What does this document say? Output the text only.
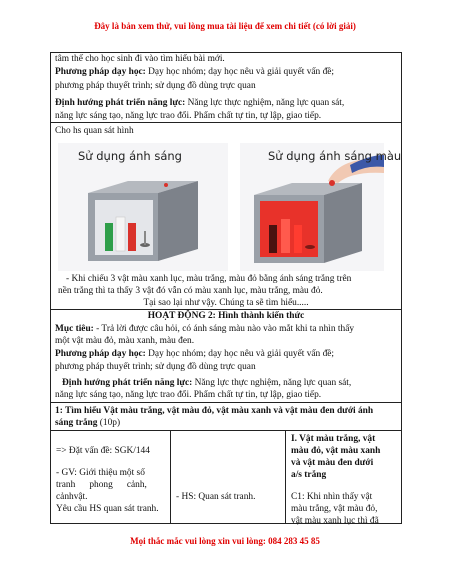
Đây là bản xem thử, vui lòng mua tài liệu để xem chi tiết (có lời giải)
tâm thế cho học sinh đi vào tìm hiểu bài mới.
Phương pháp dạy học: Dạy học nhóm; dạy học nêu và giải quyết vấn đề;
phương pháp thuyết trình; sử dụng đồ dùng trực quan
Định hướng phát triển năng lực: Năng lực thực nghiệm, năng lực quan sát,
năng lực sáng tạo, năng lực trao đổi. Phẩm chất tự tin, tự lập, giao tiếp.
Cho hs quan sát hình
Sử dụng ánh sáng	Sử dụng ánh sáng màu
- Khi chiếu 3 vật màu xanh lục, màu trắng, màu đỏ bằng ánh sáng trắng trên
nền trắng thì ta thấy 3 vật đó vẫn có màu xanh lục, màu trắng, màu đỏ.
Tại sao lại như vậy. Chúng ta sẽ tìm hiểu.....
HOẠT ĐỘNG 2: Hình thành kiến thức
Mục tiêu: - Trả lời được câu hỏi, có ánh sáng màu nào vào mắt khi ta nhìn thấy
một vật màu đỏ, màu xanh, màu đen.
Phương pháp dạy học: Dạy học nhóm; dạy học nêu và giải quyết vấn đề;
phương pháp thuyết trình; sử dụng đồ dùng trực quan
Định hướng phát triển năng lực: Năng lực thực nghiệm, năng lực quan sát,
năng lực sáng tạo, năng lực trao đổi. Phẩm chất tự tin, tự lập, giao tiếp.
1: Tìm hiểu Vật màu trắng, vật màu đỏ, vật màu xanh và vật màu đen dưới ánh
sáng trắng (10p)
=> Đặt vấn đề: SGK/144
- GV: Giới thiệu một số
tranh      phong      cảnh,
cảnhvật.
Yêu cầu HS quan sát tranh.
- HS: Quan sát tranh.
I. Vật màu trắng, vật
màu đỏ, vật màu xanh
và vật màu đen dưới
a/s trắng
C1: Khi nhìn thấy vật
màu trắng, vật màu đỏ,
vật màu xanh lục thì đã
Mọi thắc mắc vui lòng xin vui lòng: 084 283 45 85
